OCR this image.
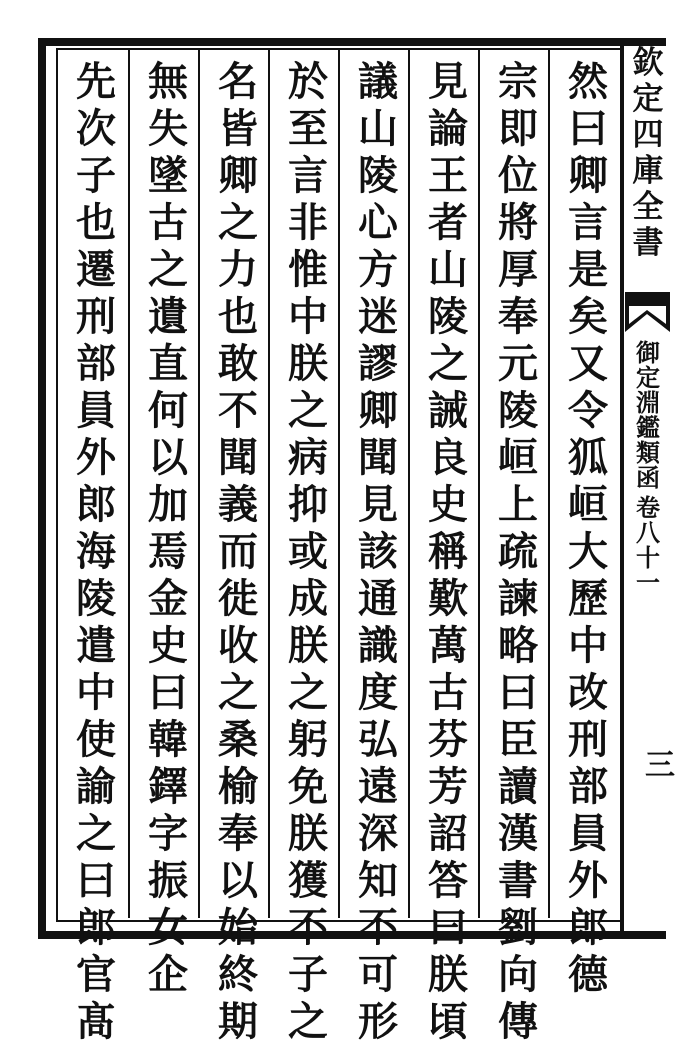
然
曰
卿
言
是
矣
又
令
狐
峘
大
歷
中
改
刑
部
員
外
郎
德
宗
即
位
將
厚
奉
元
陵
峘
上
疏
諫
略
曰
臣
讀
漢
書
劉
向
傳
見
論
王
者
山
陵
之
誡
良
史
稱
歎
萬
古
芬
芳
詔
答
曰
朕
頃
議
山
陵
心
方
迷
謬
卿
聞
見
該
通
識
度
弘
遠
深
知
不
可
形
於
至
言
非
惟
中
朕
之
病
抑
或
成
朕
之
躬
免
朕
獲
不
子
之
名
皆
卿
之
力
也
敢
不
聞
義
而
徙
收
之
桑
榆
奉
以
始
終
期
無
失
墜
古
之
遺
直
何
以
加
焉
金
史
曰
韓
鐸
字
振
女
企
先
次
子
也
遷
刑
部
員
外
郎
海
陵
遣
中
使
諭
之
曰
郎
官
髙
欽
定
四
庫
全
書
御
定
淵
鑑
類
函
卷
八
十
一
三
